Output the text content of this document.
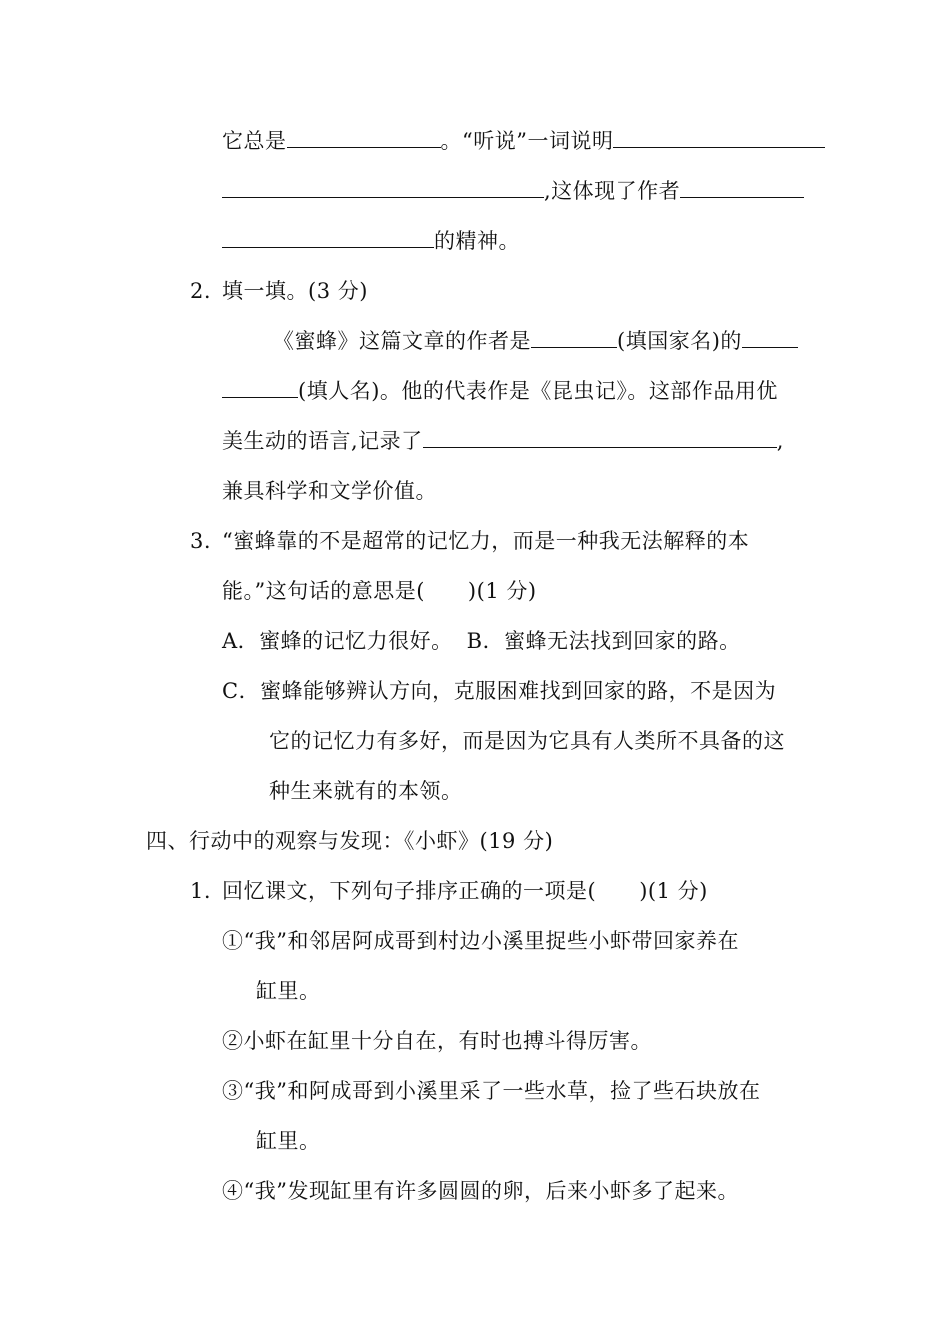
它总是	。“听说”一词说明
,这体现了作者
的精神。
2. 填一填。(3 分)
《蜜蜂》这篇文章的作者是	(填国家名)的
(填人名)。他的代表作是《昆虫记》。这部作品用优
美生动的语言,记录了	,
兼具科学和文学价值。
3. “蜜蜂靠的不是超常的记忆力，而是一种我无法解释的本
能。”这句话的意思是(　　)(1 分)
A．蜜蜂的记忆力很好。 B．蜜蜂无法找到回家的路。
C．蜜蜂能够辨认方向，克服困难找到回家的路，不是因为
它的记忆力有多好，而是因为它具有人类所不具备的这
种生来就有的本领。
四、行动中的观察与发现：《小虾》(19 分)
1. 回忆课文，下列句子排序正确的一项是(　　)(1 分)
①“我”和邻居阿成哥到村边小溪里捉些小虾带回家养在
缸里。
②小虾在缸里十分自在，有时也搏斗得厉害。
③“我”和阿成哥到小溪里采了一些水草，捡了些石块放在
缸里。
④“我”发现缸里有许多圆圆的卵，后来小虾多了起来。
